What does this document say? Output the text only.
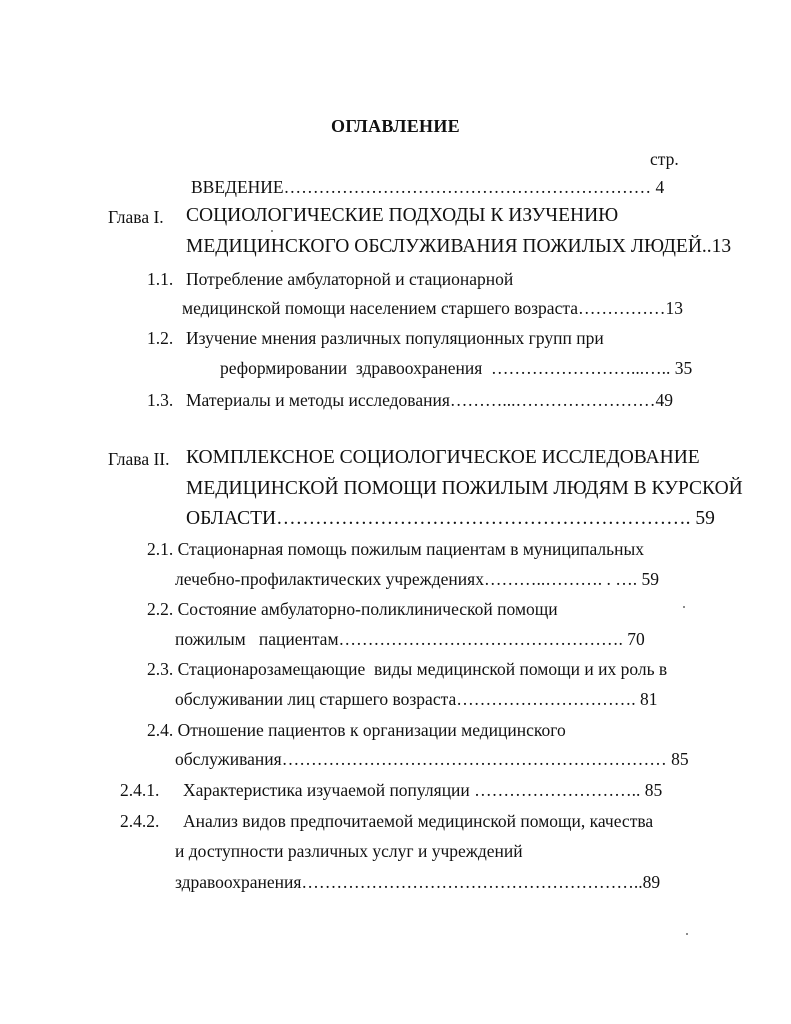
ОГЛАВЛЕНИЕ
стр.
ВВЕДЕНИЕ……………………………………………………… 4
Глава I. СОЦИОЛОГИЧЕСКИЕ ПОДХОДЫ К ИЗУЧЕНИЮ
МЕДИЦИНСКОГО ОБСЛУЖИВАНИЯ ПОЖИЛЫХ ЛЮДЕЙ..13
1.1. Потребление амбулаторной и стационарной
медицинской помощи населением старшего возраста……………13
1.2. Изучение мнения различных популяционных групп при
реформировании  здравоохранения  ……………………...….. 35
1.3. Материалы и методы исследования………...……………………49
Глава II. КОМПЛЕКСНОЕ СОЦИОЛОГИЧЕСКОЕ ИССЛЕДОВАНИЕ
МЕДИЦИНСКОЙ ПОМОЩИ ПОЖИЛЫМ ЛЮДЯМ В КУРСКОЙ
ОБЛАСТИ………………………………………………………. 59
2.1. Стационарная помощь пожилым пациентам в муниципальных
лечебно-профилактических учреждениях………..………. . …. 59
2.2. Состояние амбулаторно-поликлинической помощи
пожилым   пациентам…………………………………………. 70
2.3. Стационарозамещающие  виды медицинской помощи и их роль в
обслуживании лиц старшего возраста…………………………. 81
2.4. Отношение пациентов к организации медицинского
обслуживания………………………………………………………… 85
2.4.1. Характеристика изучаемой популяции ……………………….. 85
2.4.2. Анализ видов предпочитаемой медицинской помощи, качества
и доступности различных услуг и учреждений
здравоохранения…………………………………………………..89
